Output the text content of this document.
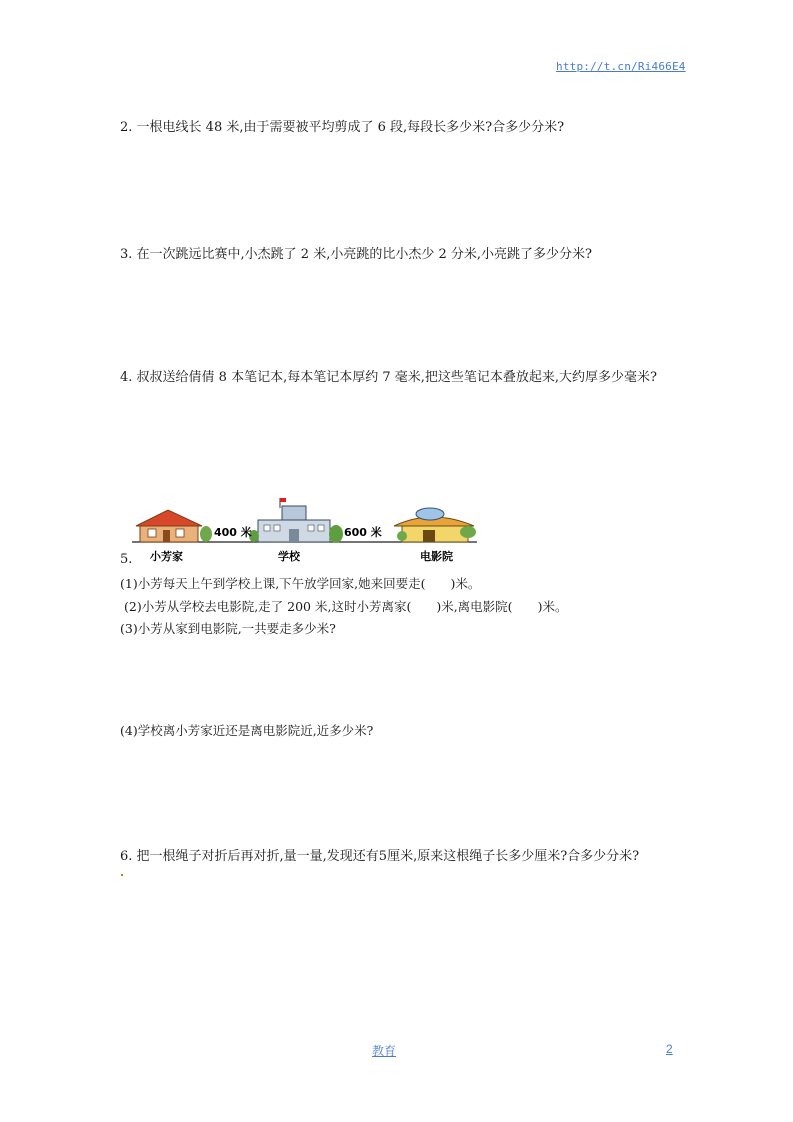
http://t.cn/Ri466E4
2. 一根电线长 48 米,由于需要被平均剪成了 6 段,每段长多少米?合多少分米?
3. 在一次跳远比赛中,小杰跳了 2 米,小亮跳的比小杰少 2 分米,小亮跳了多少分米?
4. 叔叔送给倩倩 8 本笔记本,每本笔记本厚约 7 毫米,把这些笔记本叠放起来,大约厚多少毫米?
400 米	600 米
小芳家	学校	电影院
5.
(1)小芳每天上午到学校上课,下午放学回家,她来回要走(　　)米。
(2)小芳从学校去电影院,走了 200 米,这时小芳离家(　　)米,离电影院(　　)米。
(3)小芳从家到电影院,一共要走多少米?
(4)学校离小芳家近还是离电影院近,近多少米?
6. 把一根绳子对折后再对折,量一量,发现还有5厘米,原来这根绳子长多少厘米?合多少分米?
教育	2
